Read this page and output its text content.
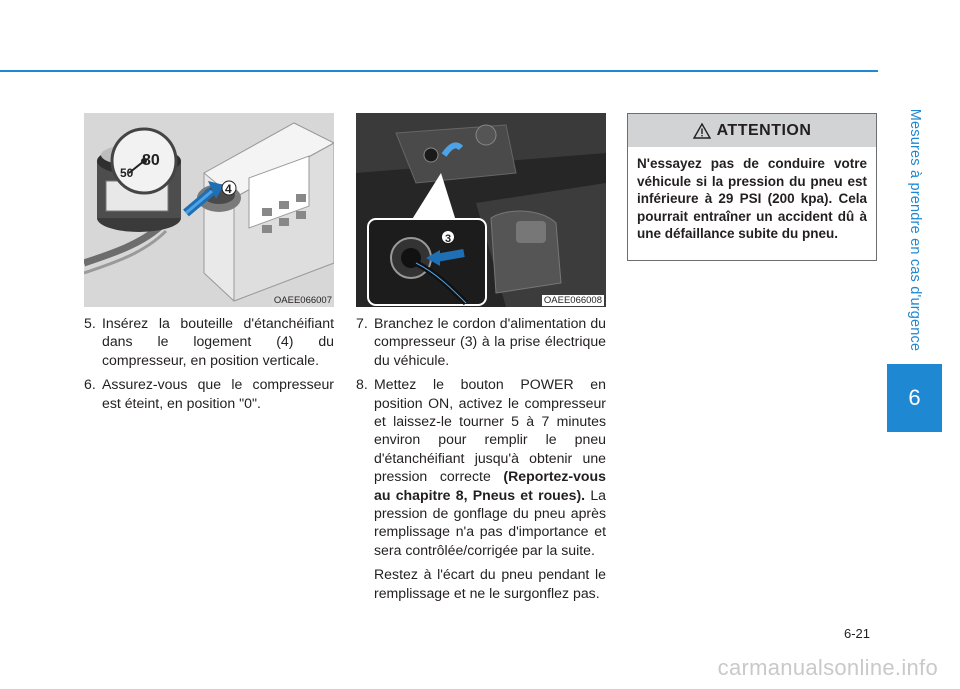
Mesures à prendre en cas d'urgence
6
80
50
4
OAEE066007
3
OAEE066008
5. Insérez la bouteille d'étanchéifiant dans le logement (4) du compresseur, en position verticale.
6. Assurez-vous que le compresseur est éteint, en position "0".
7. Branchez le cordon d'alimentation du compresseur (3) à la prise électrique du véhicule.
8. Mettez le bouton POWER en position ON, activez le compresseur et laissez-le tourner 5 à 7 minutes environ pour remplir le pneu d'étanchéifiant jusqu'à obtenir une pression correcte (Reportez-vous au chapitre 8, Pneus et roues). La pression de gonflage du pneu après remplissage n'a pas d'importance et sera contrôlée/corrigée par la suite.
Restez à l'écart du pneu pendant le remplissage et ne le surgonflez pas.
ATTENTION
N'essayez pas de conduire votre véhicule si la pression du pneu est inférieure à 29 PSI (200 kpa). Cela pourrait entraîner un accident dû à une défaillance subite du pneu.
6-21
carmanualsonline.info
